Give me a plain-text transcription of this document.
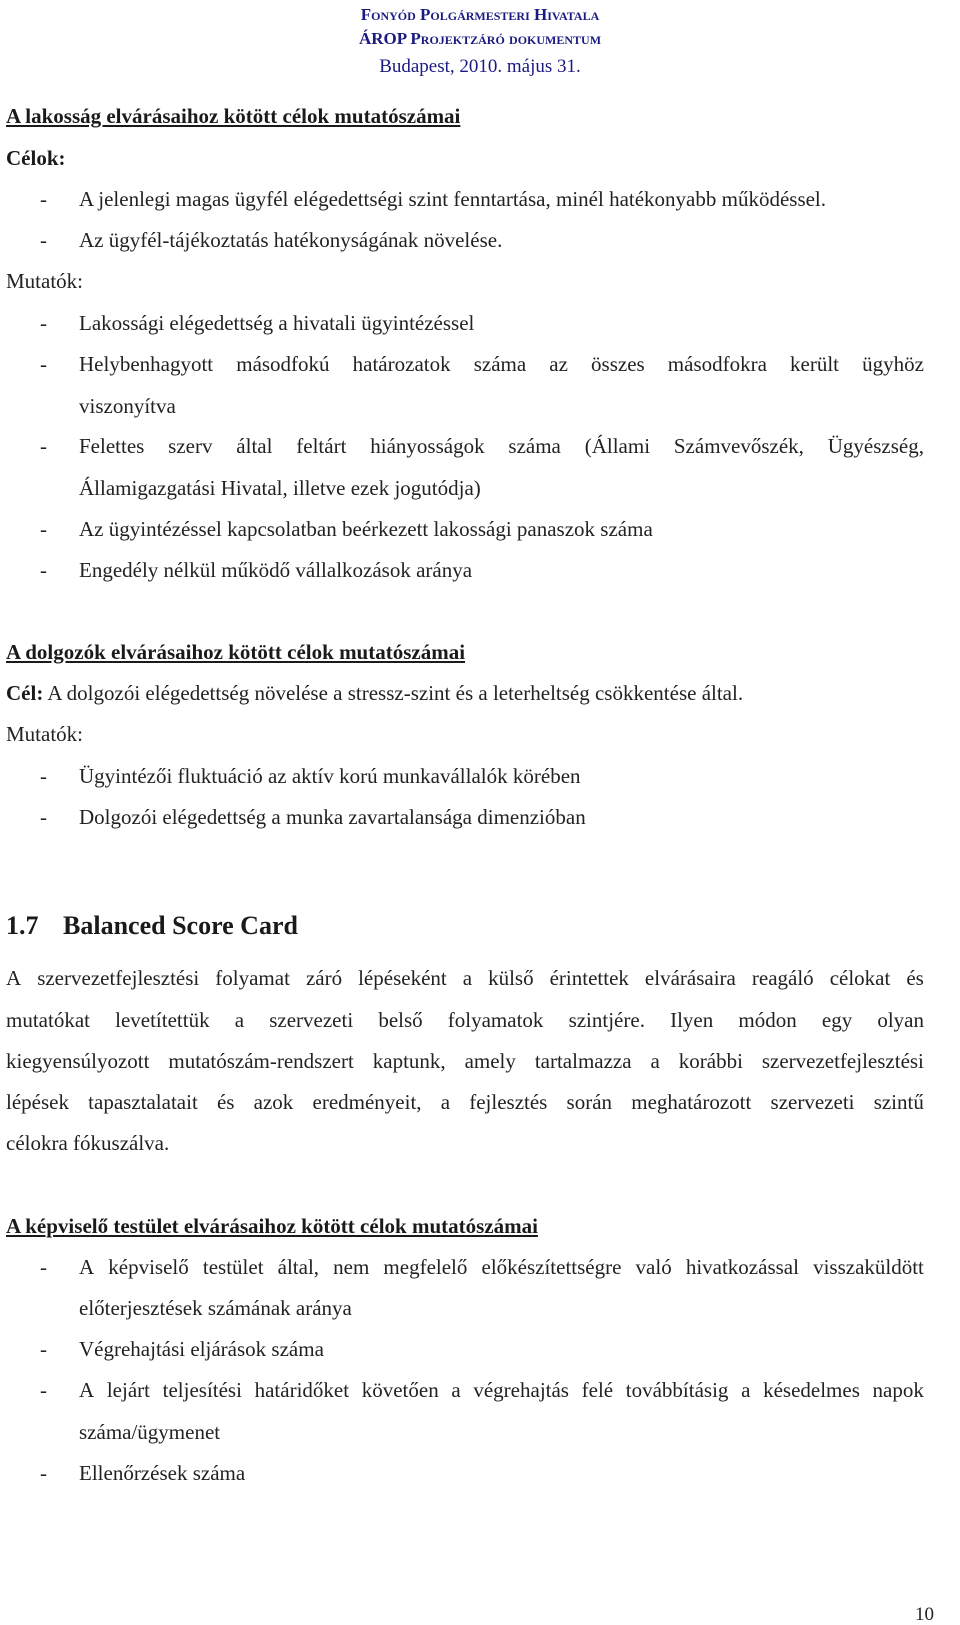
Fonyód Polgármesteri Hivatala
ÁROP Projektzáró dokumentum
Budapest, 2010. május 31.
A lakosság elvárásaihoz kötött célok mutatószámai
Célok:
- A jelenlegi magas ügyfél elégedettségi szint fenntartása, minél hatékonyabb működéssel.
- Az ügyfél-tájékoztatás hatékonyságának növelése.
Mutatók:
- Lakossági elégedettség a hivatali ügyintézéssel
- Helybenhagyott másodfokú határozatok száma az összes másodfokra került ügyhöz
viszonyítva
- Felettes szerv által feltárt hiányosságok száma (Állami Számvevőszék, Ügyészség,
Államigazgatási Hivatal, illetve ezek jogutódja)
- Az ügyintézéssel kapcsolatban beérkezett lakossági panaszok száma
- Engedély nélkül működő vállalkozások aránya
A dolgozók elvárásaihoz kötött célok mutatószámai
Cél: A dolgozói elégedettség növelése a stressz-szint és a leterheltség csökkentése által.
Mutatók:
- Ügyintézői fluktuáció az aktív korú munkavállalók körében
- Dolgozói elégedettség a munka zavartalansága dimenzióban
1.7 Balanced Score Card
A szervezetfejlesztési folyamat záró lépéseként a külső érintettek elvárásaira reagáló célokat és
mutatókat levetítettük a szervezeti belső folyamatok szintjére. Ilyen módon egy olyan
kiegyensúlyozott mutatószám-rendszert kaptunk, amely tartalmazza a korábbi szervezetfejlesztési
lépések tapasztalatait és azok eredményeit, a fejlesztés során meghatározott szervezeti szintű
célokra fókuszálva.
A képviselő testület elvárásaihoz kötött célok mutatószámai
- A képviselő testület által, nem megfelelő előkészítettségre való hivatkozással visszaküldött
előterjesztések számának aránya
- Végrehajtási eljárások száma
- A lejárt teljesítési határidőket követően a végrehajtás felé továbbításig a késedelmes napok
száma/ügymenet
- Ellenőrzések száma
10
